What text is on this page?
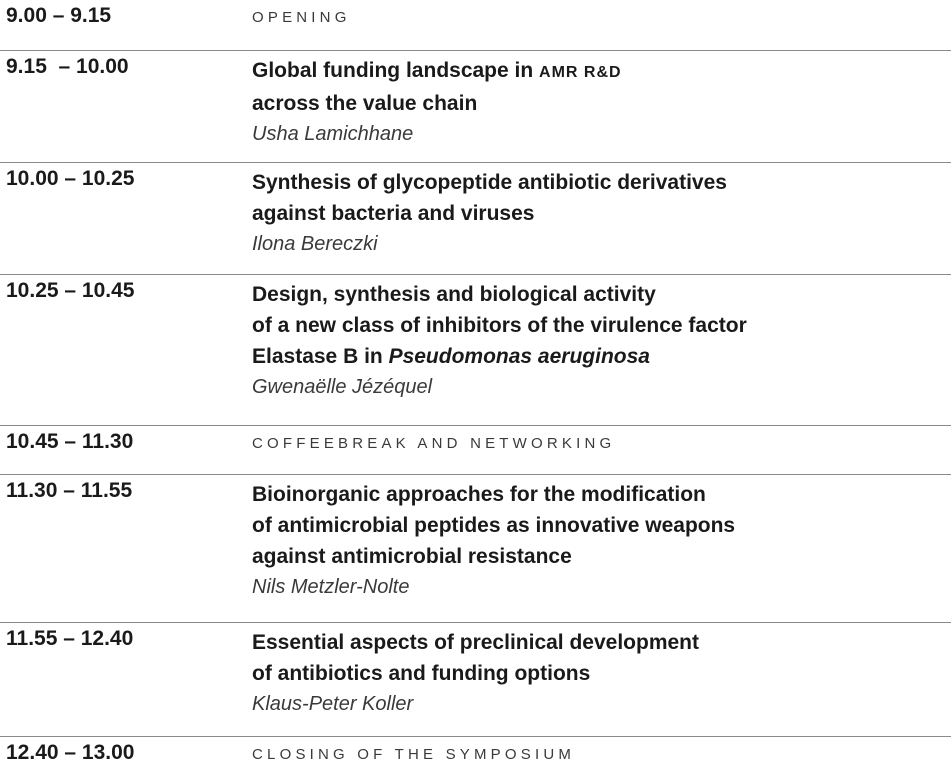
9.00 – 9.15	OPENING
9.15  – 10.00	Global funding landscape in AMR R&D
across the value chain
Usha Lamichhane
10.00 – 10.25	Synthesis of glycopeptide antibiotic derivatives
against bacteria and viruses
Ilona Bereczki
10.25 – 10.45	Design, synthesis and biological activity
of a new class of inhibitors of the virulence factor
Elastase B in Pseudomonas aeruginosa
Gwenaëlle Jézéquel
10.45 – 11.30	COFFEEBREAK AND NETWORKING
11.30 – 11.55	Bioinorganic approaches for the modification
of antimicrobial peptides as innovative weapons
against antimicrobial resistance
Nils Metzler-Nolte
11.55 – 12.40	Essential aspects of preclinical development
of antibiotics and funding options
Klaus-Peter Koller
12.40 – 13.00	CLOSING OF THE SYMPOSIUM
